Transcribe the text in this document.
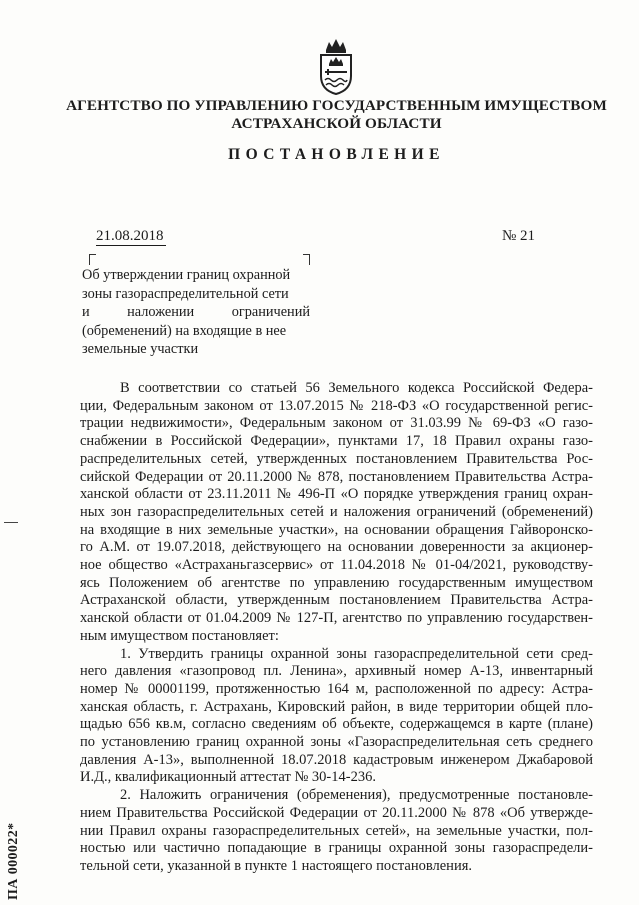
АГЕНТСТВО ПО УПРАВЛЕНИЮ ГОСУДАРСТВЕННЫМ ИМУЩЕСТВОМ
АСТРАХАНСКОЙ ОБЛАСТИ
ПОСТАНОВЛЕНИЕ
21.08.2018	№ 21
Об утверждении границ охранной
зоны газораспределительной сети
и наложении ограничений
(обременений) на входящие в нее
земельные участки
В соответствии со статьей 56 Земельного кодекса Российской Федера-
ции, Федеральным законом от 13.07.2015 № 218-ФЗ «О государственной регис-
трации недвижимости», Федеральным законом от 31.03.99 № 69-ФЗ «О газо-
снабжении в Российской Федерации», пунктами 17, 18 Правил охраны газо-
распределительных сетей, утвержденных постановлением Правительства Рос-
сийской Федерации от 20.11.2000 № 878, постановлением Правительства Астра-
ханской области от 23.11.2011 № 496-П «О порядке утверждения границ охран-
ных зон газораспределительных сетей и наложения ограничений (обременений)
на входящие в них земельные участки», на основании обращения Гайворонско-
го А.М. от 19.07.2018, действующего на основании доверенности за акционер-
ное общество «Астраханьгазсервис» от 11.04.2018 № 01-04/2021, руководству-
ясь Положением об агентстве по управлению государственным имуществом
Астраханской области, утвержденным постановлением Правительства Астра-
ханской области от 01.04.2009 № 127-П, агентство по управлению государствен-
ным имуществом постановляет:
1. Утвердить границы охранной зоны газораспределительной сети сред-
него давления «газопровод пл. Ленина», архивный номер А-13, инвентарный
номер № 00001199, протяженностью 164 м, расположенной по адресу: Астра-
ханская область, г. Астрахань, Кировский район, в виде территории общей пло-
щадью 656 кв.м, согласно сведениям об объекте, содержащемся в карте (плане)
по установлению границ охранной зоны «Газораспределительная сеть среднего
давления А-13», выполненной 18.07.2018 кадастровым инженером Джабаровой
И.Д., квалификационный аттестат № 30-14-236.
2. Наложить ограничения (обременения), предусмотренные постановле-
нием Правительства Российской Федерации от 20.11.2000 № 878 «Об утвержде-
нии Правил охраны газораспределительных сетей», на земельные участки, пол-
ностью или частично попадающие в границы охранной зоны газораспредели-
тельной сети, указанной в пункте 1 настоящего постановления.
ПА 000022*
